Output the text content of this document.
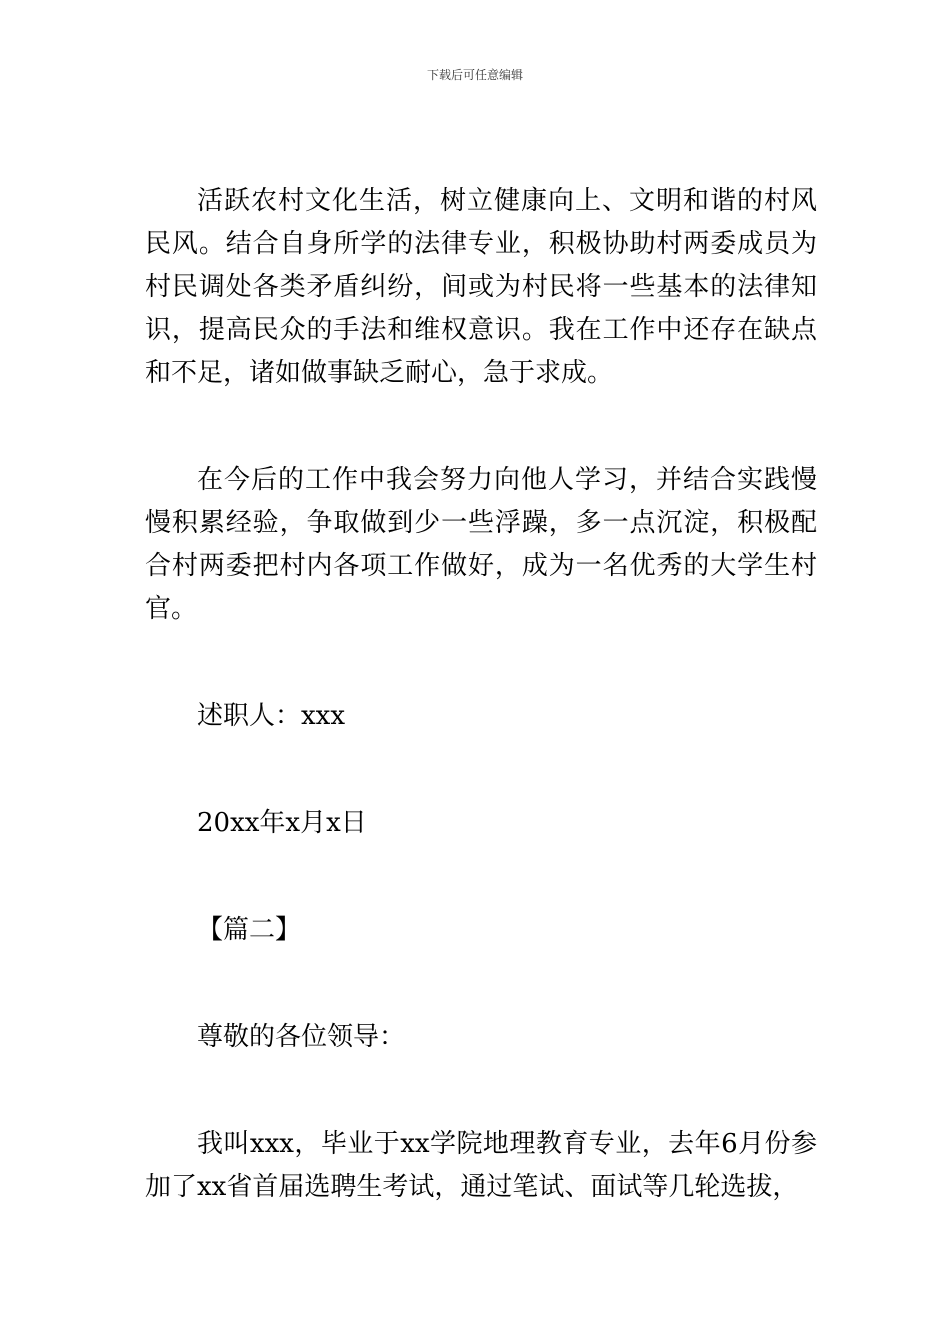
下载后可任意编辑

活跃农村文化生活，树立健康向上、文明和谐的村风民风。结合自身所学的法律专业，积极协助村两委成员为村民调处各类矛盾纠纷，间或为村民将一些基本的法律知识，提高民众的手法和维权意识。我在工作中还存在缺点和不足，诸如做事缺乏耐心，急于求成。

在今后的工作中我会努力向他人学习，并结合实践慢慢积累经验，争取做到少一些浮躁，多一点沉淀，积极配合村两委把村内各项工作做好，成为一名优秀的大学生村官。

述职人：xxx

20xx年x月x日

【篇二】

尊敬的各位领导：

我叫xxx，毕业于xx学院地理教育专业，去年6月份参加了xx省首届选聘生考试，通过笔试、面试等几轮选拔，
